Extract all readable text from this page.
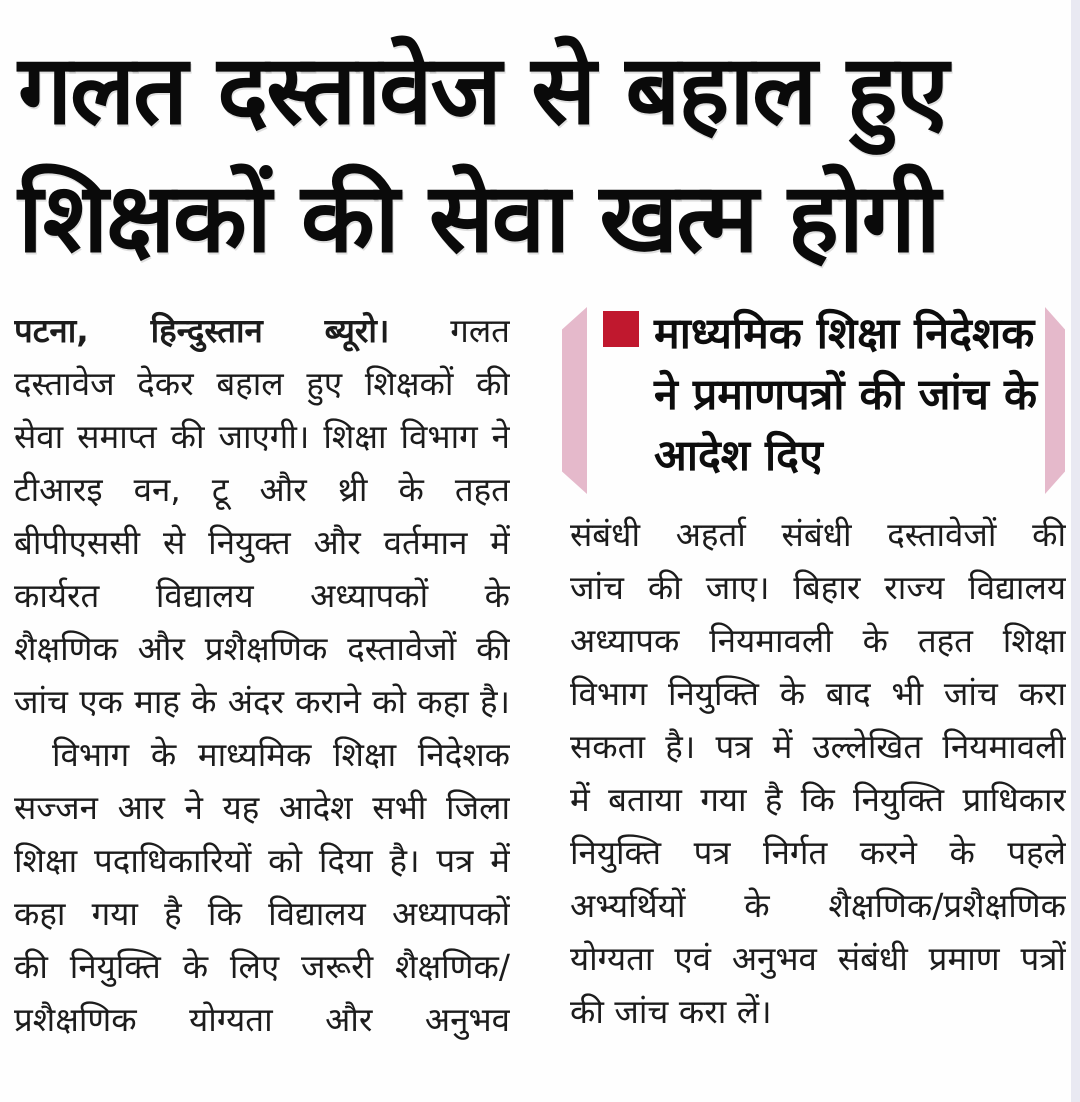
गलत दस्तावेज से बहाल हुए
शिक्षकों की सेवा खत्म होगी
पटना, हिन्दुस्तान ब्यूरो। गलत
दस्तावेज देकर बहाल हुए शिक्षकों की
सेवा समाप्त की जाएगी। शिक्षा विभाग ने
टीआरइ वन, टू और थ्री के तहत
बीपीएससी से नियुक्त और वर्तमान में
कार्यरत विद्यालय अध्यापकों के
शैक्षणिक और प्रशैक्षणिक दस्तावेजों की
जांच एक माह के अंदर कराने को कहा है।
विभाग के माध्यमिक शिक्षा निदेशक
सज्जन आर ने यह आदेश सभी जिला
शिक्षा पदाधिकारियों को दिया है। पत्र में
कहा गया है कि विद्यालय अध्यापकों
की नियुक्ति के लिए जरूरी शैक्षणिक/
प्रशैक्षणिक योग्यता और अनुभव
माध्यमिक शिक्षा निदेशक
ने प्रमाणपत्रों की जांच के
आदेश दिए
संबंधी अहर्ता संबंधी दस्तावेजों की
जांच की जाए। बिहार राज्य विद्यालय
अध्यापक नियमावली के तहत शिक्षा
विभाग नियुक्ति के बाद भी जांच करा
सकता है। पत्र में उल्लेखित नियमावली
में बताया गया है कि नियुक्ति प्राधिकार
नियुक्ति पत्र निर्गत करने के पहले
अभ्यर्थियों के शैक्षणिक/प्रशैक्षणिक
योग्यता एवं अनुभव संबंधी प्रमाण पत्रों
की जांच करा लें।
